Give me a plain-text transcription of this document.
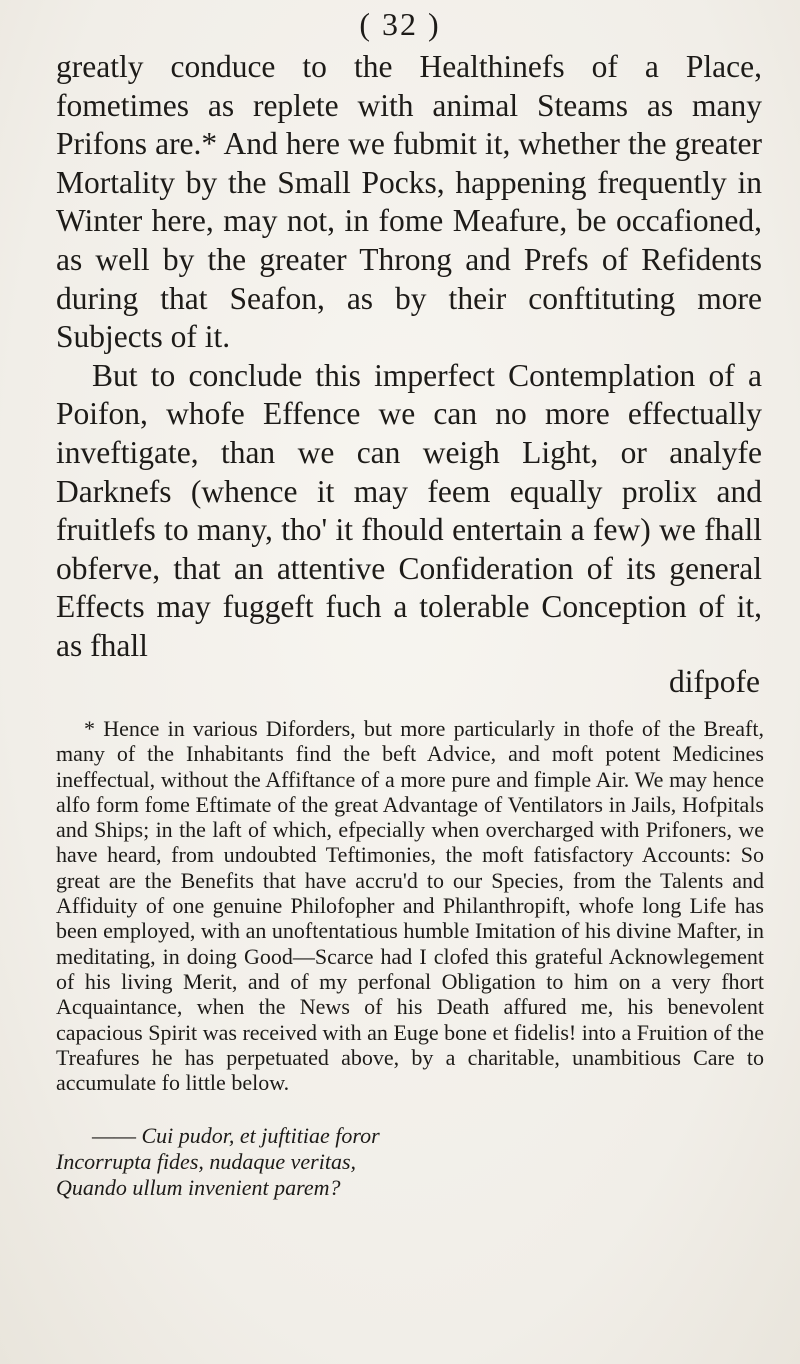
( 32 )

greatly conduce to the Healthinefs of a Place, fometimes as replete with animal Steams as many Prifons are.* And here we fubmit it, whether the greater Mortality by the Small Pocks, happening frequently in Winter here, may not, in fome Meafure, be occafioned, as well by the greater Throng and Prefs of Refidents during that Seafon, as by their conftituting more Subjects of it.

But to conclude this imperfect Contemplation of a Poifon, whofe Effence we can no more effectually inveftigate, than we can weigh Light, or analyfe Darknefs (whence it may feem equally prolix and fruitlefs to many, tho' it fhould entertain a few) we fhall obferve, that an attentive Confideration of its general Effects may fuggeft fuch a tolerable Conception of it, as fhall

difpofe

* Hence in various Diforders, but more particularly in thofe of the Breaft, many of the Inhabitants find the beft Advice, and moft potent Medicines ineffectual, without the Affiftance of a more pure and fimple Air. We may hence alfo form fome Eftimate of the great Advantage of Ventilators in Jails, Hofpitals and Ships; in the laft of which, efpecially when overcharged with Prifoners, we have heard, from undoubted Teftimonies, the moft fatisfactory Accounts: So great are the Benefits that have accru'd to our Species, from the Talents and Affiduity of one genuine Philofopher and Philanthropift, whofe long Life has been employed, with an unoftentatious humble Imitation of his divine Mafter, in meditating, in doing Good—Scarce had I clofed this grateful Acknowlegement of his living Merit, and of my perfonal Obligation to him on a very fhort Acquaintance, when the News of his Death affured me, his benevolent capacious Spirit was received with an Euge bone et fidelis! into a Fruition of the Treafures he has perpetuated above, by a charitable, unambitious Care to accumulate fo little below.

—— Cui pudor, et juftitiae foror
Incorrupta fides, nudaque veritas,
Quando ullum invenient parem?
